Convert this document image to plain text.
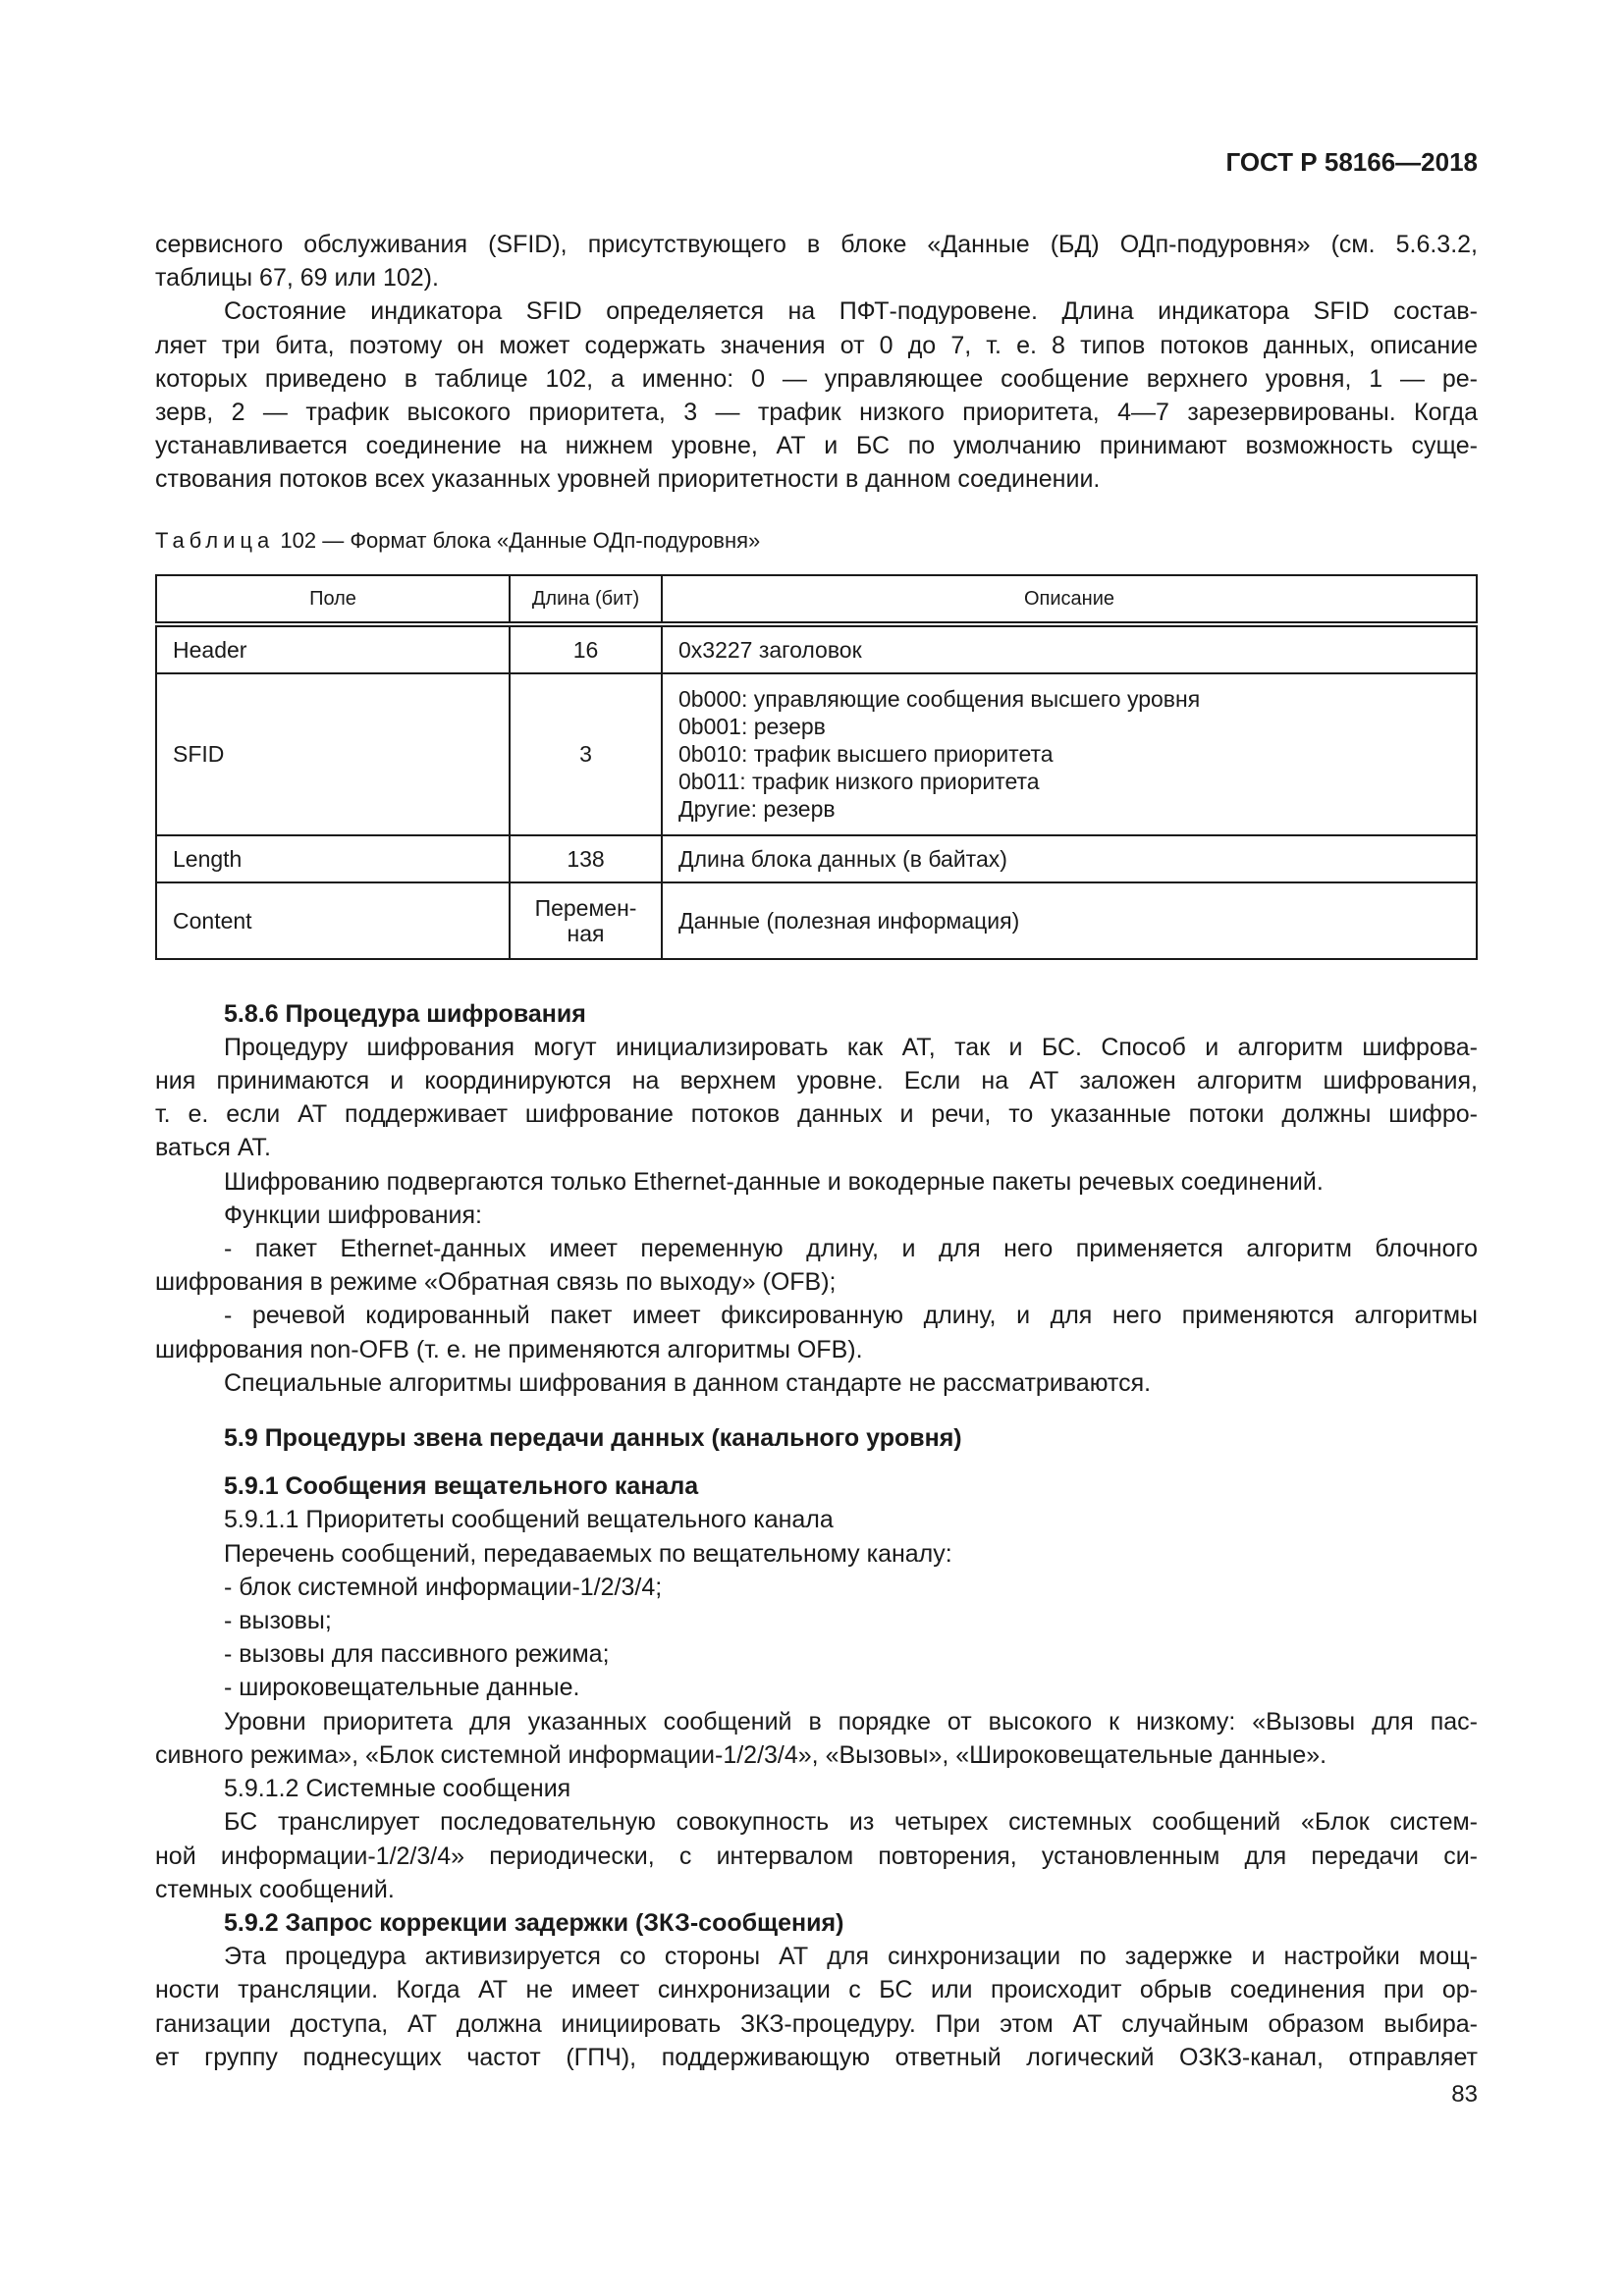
ГОСТ Р 58166—2018
сервисного обслуживания (SFID), присутствующего в блоке «Данные (БД) ОДп-подуровня» (см. 5.6.3.2,
таблицы 67, 69 или 102).
Состояние индикатора SFID определяется на ПФТ-подуровене. Длина индикатора SFID состав-
ляет три бита, поэтому он может содержать значения от 0 до 7, т. е. 8 типов потоков данных, описание
которых приведено в таблице 102, а именно: 0 — управляющее сообщение верхнего уровня, 1 — ре-
зерв, 2 — трафик высокого приоритета, 3 — трафик низкого приоритета, 4—7 зарезервированы. Когда
устанавливается соединение на нижнем уровне, АТ и БС по умолчанию принимают возможность суще-
ствования потоков всех указанных уровней приоритетности в данном соединении.
Таблица 102 — Формат блока «Данные ОДп-подуровня»
Поле	Длина (бит)	Описание
Header	16	0x3227 заголовок

SFID	3	0b000: управляющие сообщения высшего уровня
0b001: резерв
0b010: трафик высшего приоритета
0b011: трафик низкого приоритета
Другие: резерв

Length	138	Длина блока данных (в байтах)

Content	Перемен-
ная	Данные (полезная информация)
5.8.6 Процедура шифрования
Процедуру шифрования могут инициализировать как АТ, так и БС. Способ и алгоритм шифрова-
ния принимаются и координируются на верхнем уровне. Если на АТ заложен алгоритм шифрования,
т. е. если АТ поддерживает шифрование потоков данных и речи, то указанные потоки должны шифро-
ваться АТ.
Шифрованию подвергаются только Ethernet-данные и вокодерные пакеты речевых соединений.
Функции шифрования:
- пакет Ethernet-данных имеет переменную длину, и для него применяется алгоритм блочного
шифрования в режиме «Обратная связь по выходу» (OFB);
- речевой кодированный пакет имеет фиксированную длину, и для него применяются алгоритмы
шифрования non-OFB (т. е. не применяются алгоритмы OFB).
Специальные алгоритмы шифрования в данном стандарте не рассматриваются.
5.9 Процедуры звена передачи данных (канального уровня)
5.9.1 Сообщения вещательного канала
5.9.1.1 Приоритеты сообщений вещательного канала
Перечень сообщений, передаваемых по вещательному каналу:
- блок системной информации-1/2/3/4;
- вызовы;
- вызовы для пассивного режима;
- широковещательные данные.
Уровни приоритета для указанных сообщений в порядке от высокого к низкому: «Вызовы для пас-
сивного режима», «Блок системной информации-1/2/3/4», «Вызовы», «Широковещательные данные».
5.9.1.2 Системные сообщения
БС транслирует последовательную совокупность из четырех системных сообщений «Блок систем-
ной информации-1/2/3/4» периодически, с интервалом повторения, установленным для передачи си-
стемных сообщений.
5.9.2 Запрос коррекции задержки (ЗКЗ-сообщения)
Эта процедура активизируется со стороны АТ для синхронизации по задержке и настройки мощ-
ности трансляции. Когда АТ не имеет синхронизации с БС или происходит обрыв соединения при ор-
ганизации доступа, АТ должна инициировать ЗКЗ-процедуру. При этом АТ случайным образом выбира-
ет группу поднесущих частот (ГПЧ), поддерживающую ответный логический ОЗКЗ-канал, отправляет
83
